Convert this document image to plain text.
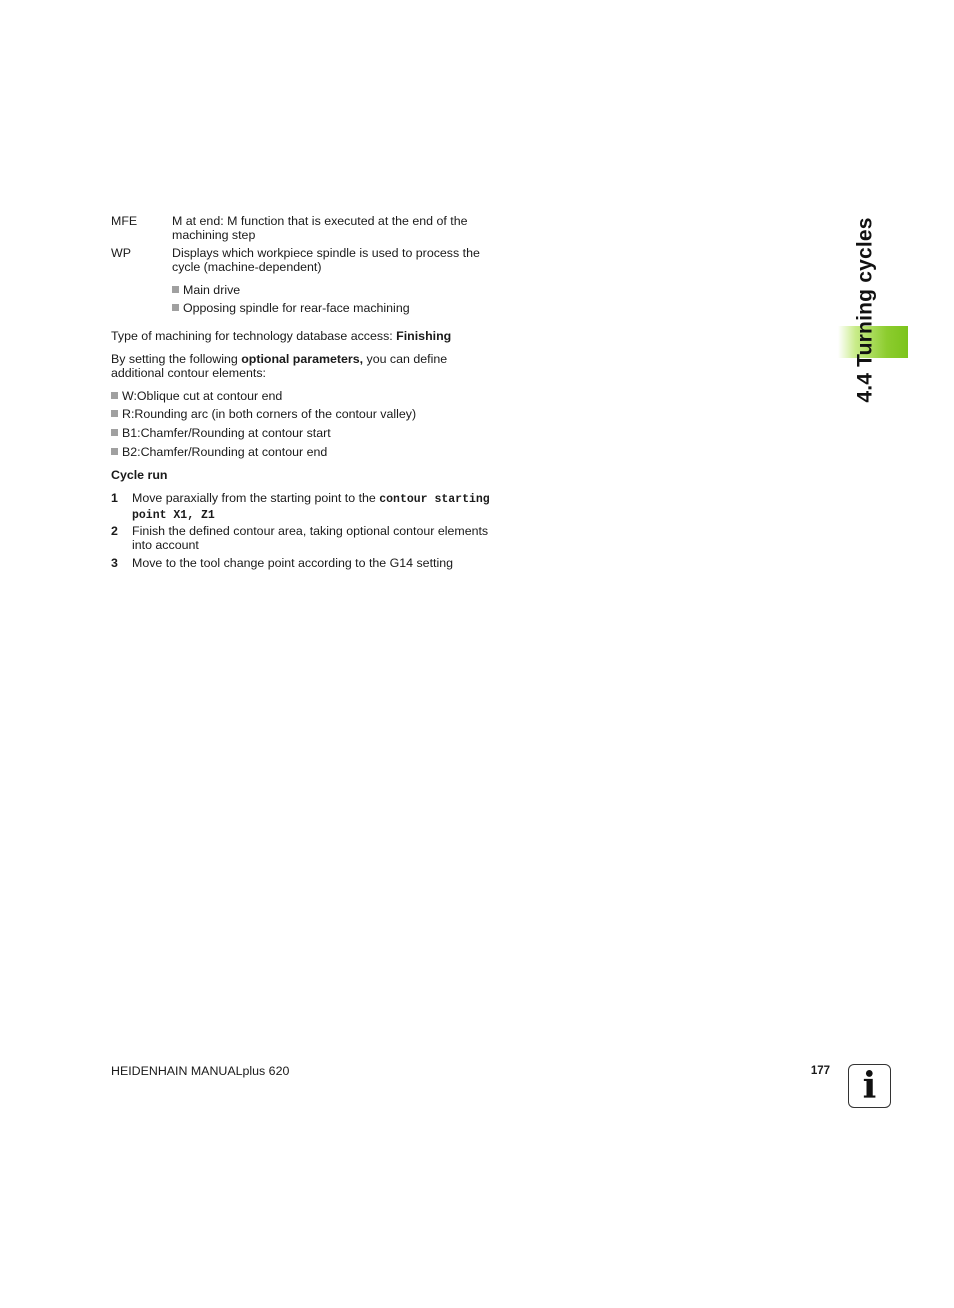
4.4 Turning cycles
MFE	M at end: M function that is executed at the end of the machining step
WP	Displays which workpiece spindle is used to process the cycle (machine-dependent)
Main drive
Opposing spindle for rear-face machining
Type of machining for technology database access: Finishing
By setting the following optional parameters, you can define additional contour elements:
W:Oblique cut at contour end
R:Rounding arc (in both corners of the contour valley)
B1:Chamfer/Rounding at contour start
B2:Chamfer/Rounding at contour end
Cycle run
1	Move paraxially from the starting point to the contour starting point X1, Z1
2	Finish the defined contour area, taking optional contour elements into account
3	Move to the tool change point according to the G14 setting
HEIDENHAIN MANUALplus 620	177 i
